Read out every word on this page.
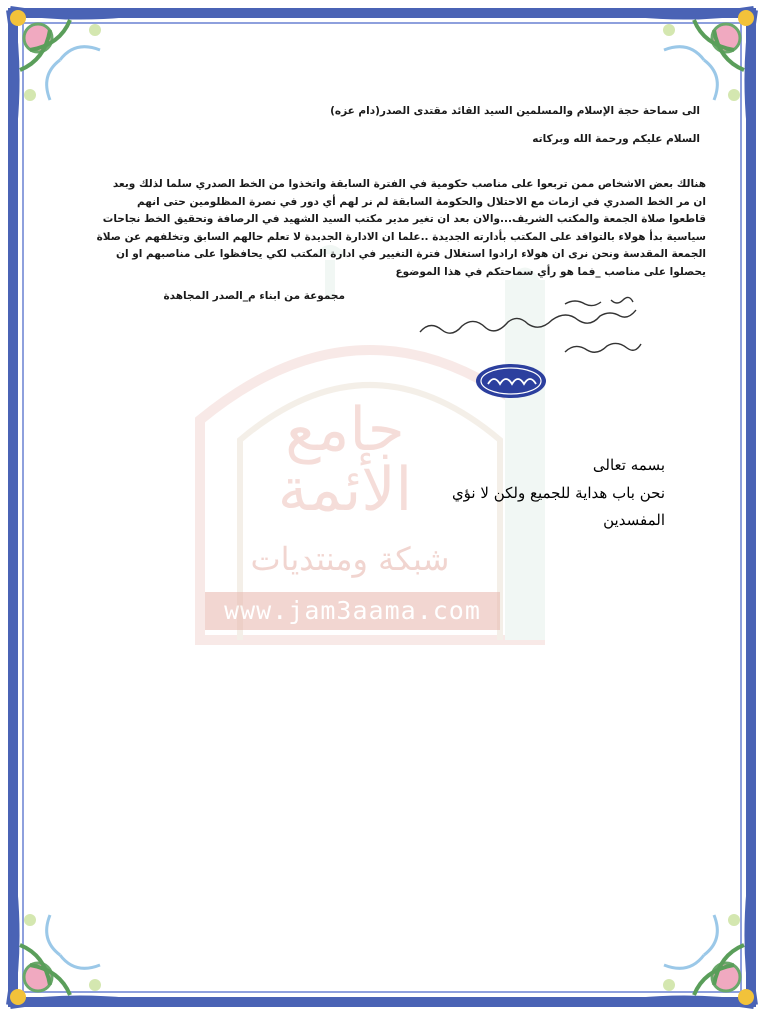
جامع الأئمة
شبكة ومنتديات
www.jam3aama.com
الى سماحة حجة الإسلام والمسلمين السيد القائد مقتدى الصدر(دام عزه)
السلام عليكم ورحمة الله وبركاته
هنالك بعض الاشخاص ممن تربعوا على مناصب حكومية في الفترة السابقة واتخذوا من الخط الصدري سلما لذلك وبعد
ان مر الخط الصدري في ازمات مع الاحتلال والحكومة السابقة لم نر لهم أي دور في نصرة المظلومين حتى انهم
قاطعوا صلاة الجمعة والمكتب الشريف...والان بعد ان تغير مدير مكتب السيد الشهيد في الرصافة وتحقيق الخط نجاحات
سياسية بدأ هولاء بالتوافد على المكتب بأدارته الجديدة ..علما ان الادارة الجديدة لا تعلم حالهم السابق وتخلفهم عن صلاة
الجمعة المقدسة ونحن نرى ان هولاء ارادوا استغلال فترة التغيير في ادارة المكتب لكي يحافظوا على مناصبهم او ان
يحصلوا على مناصب _فما هو رأي سماحتكم في هذا الموضوع
مجموعة من ابناء م_الصدر المجاهدة
بسمه تعالى
نحن باب هداية للجميع ولكن لا نؤي
المفسدين
